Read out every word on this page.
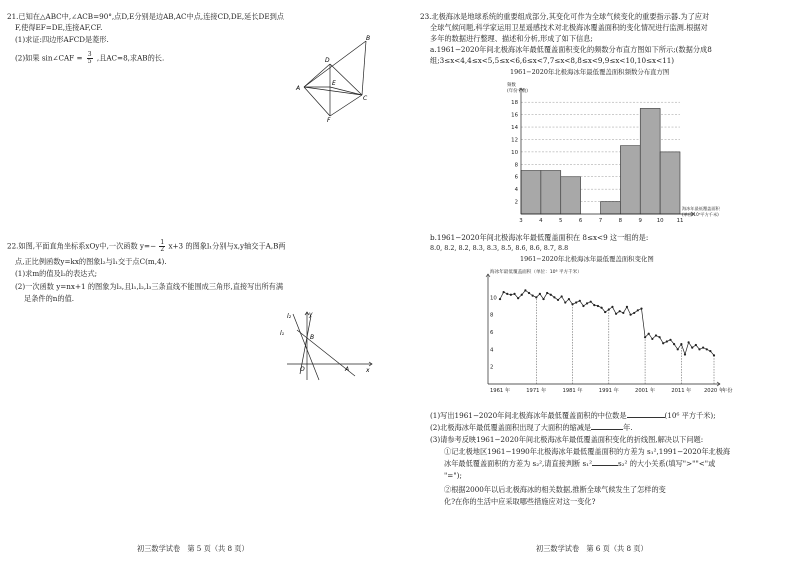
21.已知在△ABC中,∠ACB=90°,点D,E分别是边AB,AC中点,连接CD,DE,延长DE到点
F,使得EF=DE,连接AF,CF.
(1)求证:四边形AFCD是菱形.
(2)如果 sin∠CAF = $\frac{3}{5}$ ,且AC=8,求AB的长.
A
B
C
D
E
F
22.如图,平面直角坐标系xOy中,一次函数 $y=- \frac{1}{2} x+3$ 的图象l₁分别与x,y轴交于A,B两
点,正比例函数y=kx的图象l₂与l₁交于点C(m,4).
(1)求m的值及l₂的表达式;
(2)一次函数 y=nx+1 的图象为l₃,且l₁,l₂,l₃三条直线不能围成三角形,直接写出所有满
足条件的n的值.
l₂
l₁
y
B
O	A	x
初三数学试卷　第 5 页（共 8 页）
23.北极海冰是地球系统的重要组成部分,其变化可作为全球气候变化的重要指示器.为了应对
全球气候问题,科学家运用卫星遥感技术对北极海冰覆盖面积的变化情况进行监测.根据对
多年的数据进行整理、描述和分析,形成了如下信息;
a.1961−2020年间北极海冰年最低覆盖面积变化的频数分布直方图如下所示;(数据分成8
组;3≤x<4,4≤x<5,5≤x<6,6≤x<7,7≤x<8,8≤x<9,9≤x<10,10≤x<11)
1961−2020年北极海冰年最低覆盖面积频数分布直方图
2
4
6
8
10
12
14
16
18
3	4	5	6	7	8	9	10 11
频数
(年份个数)
海冰年最低覆盖面积
(单位:10⁶平方千米)
b.1961−2020年间北极海冰年最低覆盖面积在 8≤x<9 这一组的是:
8.0, 8.2, 8.2, 8.3, 8.3, 8.5, 8.6, 8.6, 8.7, 8.8
1961−2020年北极海冰年最低覆盖面积变化图
2
4
6
8
10
1961 年	1971 年	1981 年	1991 年	2001 年	2011 年 2020 年
年份
海冰年最低覆盖面积（单位：10⁶ 平方千米）
(1)写出1961−2020年间北极海冰年最低覆盖面积的中位数是	(10⁶ 平方千米);
(2)北极海冰年最低覆盖面积出现了大面积的缩减是	年.
(3)请参考反映1961−2020年间北极海冰年最低覆盖面积变化的折线图,解决以下问题:
①记北极地区1961−1990年北极海冰年最低覆盖面积的方差为 s₁²,1991−2020年北极海
冰年最低覆盖面积的方差为 s₂²,请直接判断 s₁²	s₂² 的大小关系(填写">""<"或
"=");
②根据2000年以后北极海冰的相关数据,推断全球气候发生了怎样的变
化?在你的生活中应采取哪些措施应对这一变化?
初三数学试卷　第 6 页（共 8 页）
